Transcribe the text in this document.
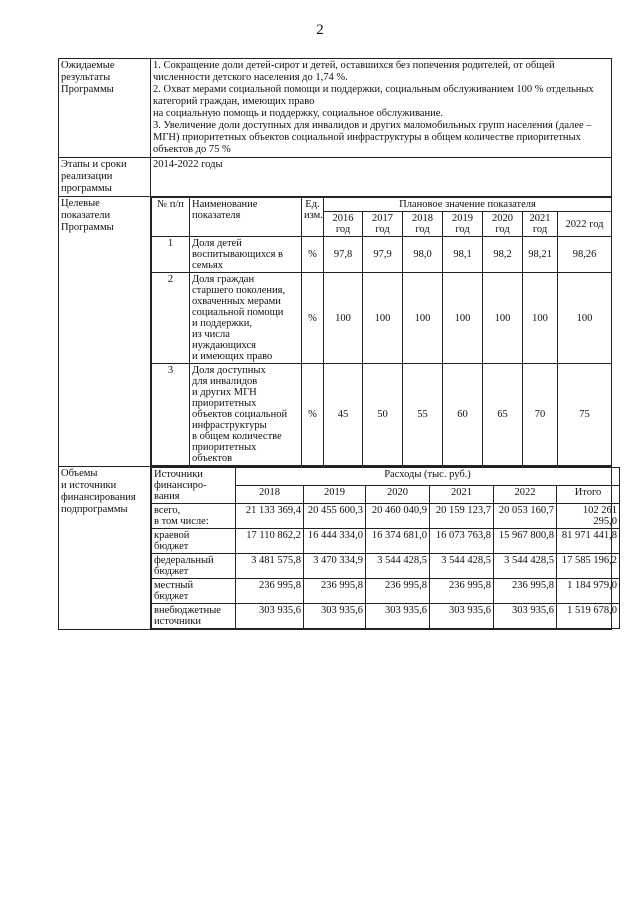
2
Ожидаемые
результаты
Программы	1. Сокращение доли детей-сирот и детей, оставшихся без попечения родителей, от общей численности детского населения до 1,74 %.
2. Охват мерами социальной помощи и поддержки, социальным обслуживанием 100 % отдельных категорий граждан, имеющих право
на социальную помощь и поддержку, социальное обслуживание.
3. Увеличение доли доступных для инвалидов и других маломобильных групп населения (далее – МГН) приоритетных объектов социальной инфраструктуры в общем количестве приоритетных объектов до 75 %
Этапы и сроки
реализации
программы	2014-2022 годы
Целевые
показатели
Программы	
№ п/п	Наименование
показателя	Ед.
изм.	Плановое значение показателя
2016
год	2017
год	2018
год	2019
год	2020
год	2021
год	2022 год
1	Доля детей
воспитывающихся в
семьях	%	97,8	97,9	98,0	98,1	98,2	98,21	98,26
2	Доля граждан
старшего поколения,
охваченных мерами
социальной помощи
и поддержки,
из числа
нуждающихся
и имеющих право	%	100	100	100	100	100	100	100
3	Доля доступных
для инвалидов
и других МГН
приоритетных
объектов социальной
инфраструктуры
в общем количестве
приоритетных
объектов	%	45	50	55	60	65	70	75

Объемы
и источники
финансирования
подпрограммы	
Источники
финансиро-
вания	Расходы (тыс. руб.)
2018	2019	2020	2021	2022	Итого
всего,
в том числе:	21 133 369,4	20 455 600,3	20 460 040,9	20 159 123,7	20 053 160,7	102 261 295,0
краевой
бюджет	17 110 862,2	16 444 334,0	16 374 681,0	16 073 763,8	15 967 800,8	81 971 441,8
федеральный
бюджет	3 481 575,8	3 470 334,9	3 544 428,5	3 544 428,5	3 544 428,5	17 585 196,2
местный
бюджет	236 995,8	236 995,8	236 995,8	236 995,8	236 995,8	1 184 979,0
внебюджетные
источники	303 935,6	303 935,6	303 935,6	303 935,6	303 935,6	1 519 678,0
